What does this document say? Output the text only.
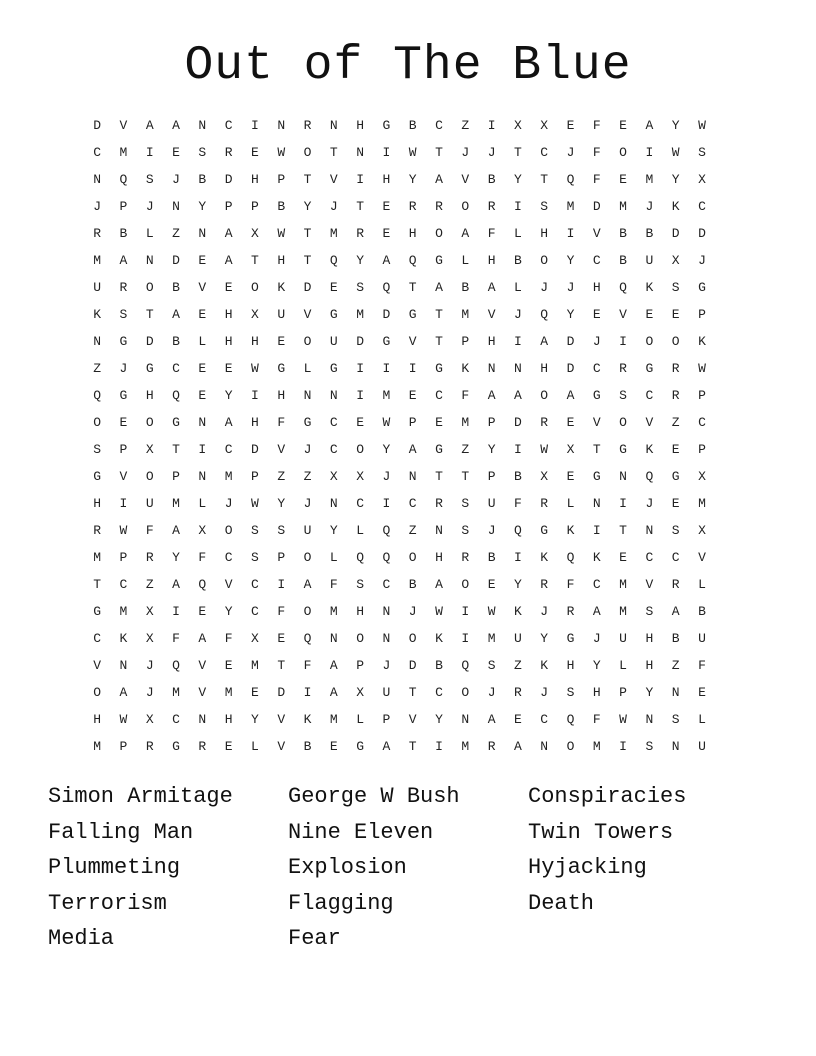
Out of The Blue
D	V	A	A	N	C	I	N	R	N	H	G	B	C	Z	I	X	X	E	F	E	A	Y	W
C	M	I	E	S	R	E	W	O	T	N	I	W	T	J	J	T	C	J	F	O	I	W	S
N	Q	S	J	B	D	H	P	T	V	I	H	Y	A	V	B	Y	T	Q	F	E	M	Y	X
J	P	J	N	Y	P	P	B	Y	J	T	E	R	R	O	R	I	S	M	D	M	J	K	C
R	B	L	Z	N	A	X	W	T	M	R	E	H	O	A	F	L	H	I	V	B	B	D	D
M	A	N	D	E	A	T	H	T	Q	Y	A	Q	G	L	H	B	O	Y	C	B	U	X	J
U	R	O	B	V	E	O	K	D	E	S	Q	T	A	B	A	L	J	J	H	Q	K	S	G
K	S	T	A	E	H	X	U	V	G	M	D	G	T	M	V	J	Q	Y	E	V	E	E	P
N	G	D	B	L	H	H	E	O	U	D	G	V	T	P	H	I	A	D	J	I	O	O	K
Z	J	G	C	E	E	W	G	L	G	I	I	I	G	K	N	N	H	D	C	R	G	R	W
Q	G	H	Q	E	Y	I	H	N	N	I	M	E	C	F	A	A	O	A	G	S	C	R	P
O	E	O	G	N	A	H	F	G	C	E	W	P	E	M	P	D	R	E	V	O	V	Z	C
S	P	X	T	I	C	D	V	J	C	O	Y	A	G	Z	Y	I	W	X	T	G	K	E	P
G	V	O	P	N	M	P	Z	Z	X	X	J	N	T	T	P	B	X	E	G	N	Q	G	X
H	I	U	M	L	J	W	Y	J	N	C	I	C	R	S	U	F	R	L	N	I	J	E	M
R	W	F	A	X	O	S	S	U	Y	L	Q	Z	N	S	J	Q	G	K	I	T	N	S	X
M	P	R	Y	F	C	S	P	O	L	Q	Q	O	H	R	B	I	K	Q	K	E	C	C	V
T	C	Z	A	Q	V	C	I	A	F	S	C	B	A	O	E	Y	R	F	C	M	V	R	L
G	M	X	I	E	Y	C	F	O	M	H	N	J	W	I	W	K	J	R	A	M	S	A	B
C	K	X	F	A	F	X	E	Q	N	O	N	O	K	I	M	U	Y	G	J	U	H	B	U
V	N	J	Q	V	E	M	T	F	A	P	J	D	B	Q	S	Z	K	H	Y	L	H	Z	F
O	A	J	M	V	M	E	D	I	A	X	U	T	C	O	J	R	J	S	H	P	Y	N	E
H	W	X	C	N	H	Y	V	K	M	L	P	V	Y	N	A	E	C	Q	F	W	N	S	L
M	P	R	G	R	E	L	V	B	E	G	A	T	I	M	R	A	N	O	M	I	S	N	U
Simon Armitage	George W Bush	Conspiracies
Falling Man	Nine Eleven	Twin Towers
Plummeting	Explosion	Hyjacking
Terrorism	Flagging	Death
Media	Fear
